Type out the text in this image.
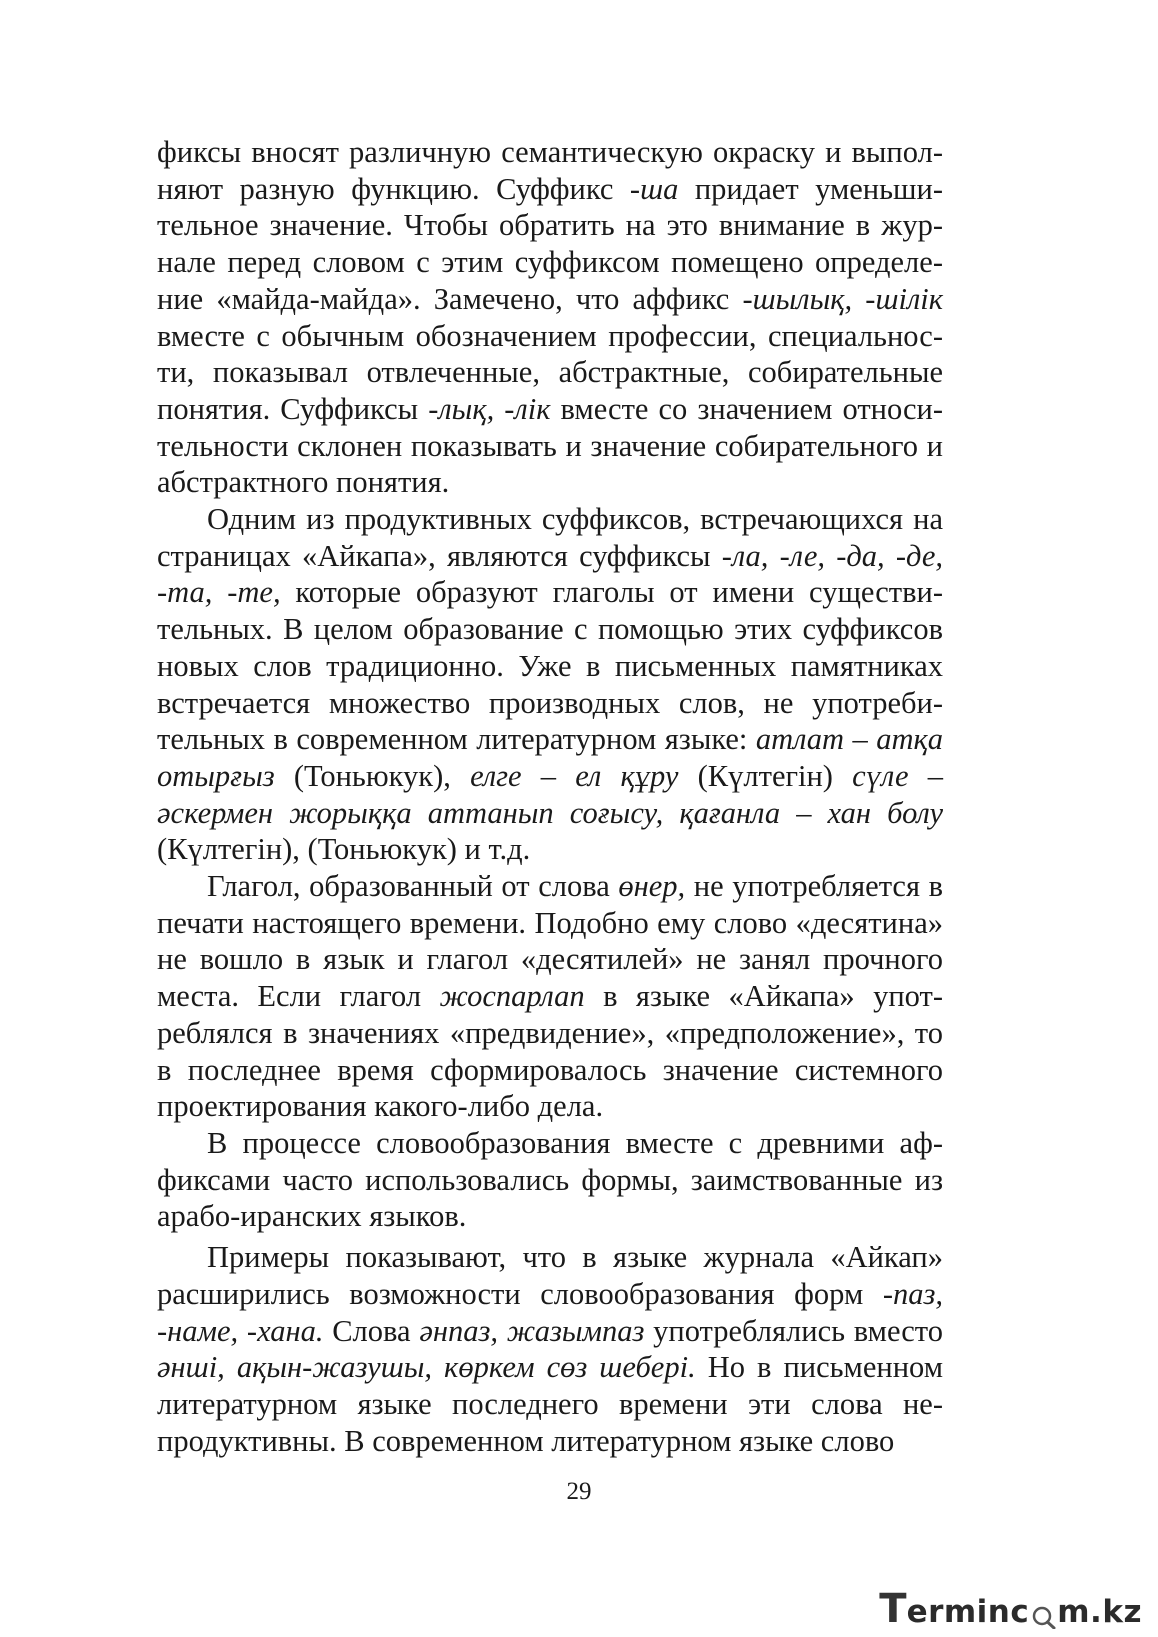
фиксы вносят различную семантическую окраску и выполняют разную функцию. Суффикс -ша придает уменьшительное значение. Чтобы обратить на это внимание в журнале перед словом с этим суффиксом помещено определение «майда-майда». Замечено, что аффикс -шылық, -шілік вместе с обычным обозначением профессии, специальности, показывал отвлеченные, абстрактные, собирательные понятия. Суффиксы -лық, -лік вместе со значением относительности склонен показывать и значение собирательного и абстрактного понятия.

Одним из продуктивных суффиксов, встречающихся на страницах «Айкапа», являются суффиксы -ла, -ле, -да, -де, -та, -те, которые образуют глаголы от имени существительных. В целом образование с помощью этих суффиксов новых слов традиционно. Уже в письменных памятниках встречается множество производных слов, не употребительных в современном литературном языке: атлат – атқа отырғыз (Тоньюкук), елге – ел құру (Күлтегін) сүле – әскермен жорыққа аттанып соғысу, қағанла – хан болу (Күлтегін), (Тоньюкук) и т.д.

Глагол, образованный от слова өнер, не употребляется в печати настоящего времени. Подобно ему слово «десятина» не вошло в язык и глагол «десятилей» не занял прочного места. Если глагол жоспарлап в языке «Айкапа» употреблялся в значениях «предвидение», «предположение», то в последнее время сформировалось значение системного проектирования какого-либо дела.

В процессе словообразования вместе с древними аффиксами часто использовались формы, заимствованные из арабо-иранских языков.

Примеры показывают, что в языке журнала «Айкап» расширились возможности словообразования форм -паз, -наме, -хана. Слова әнпаз, жазымпаз употреблялись вместо әнші, ақын-жазушы, көркем сөз шебері. Но в письменном литературном языке последнего времени эти слова непродуктивны. В современном литературном языке слово

29
T erminc m.kz
